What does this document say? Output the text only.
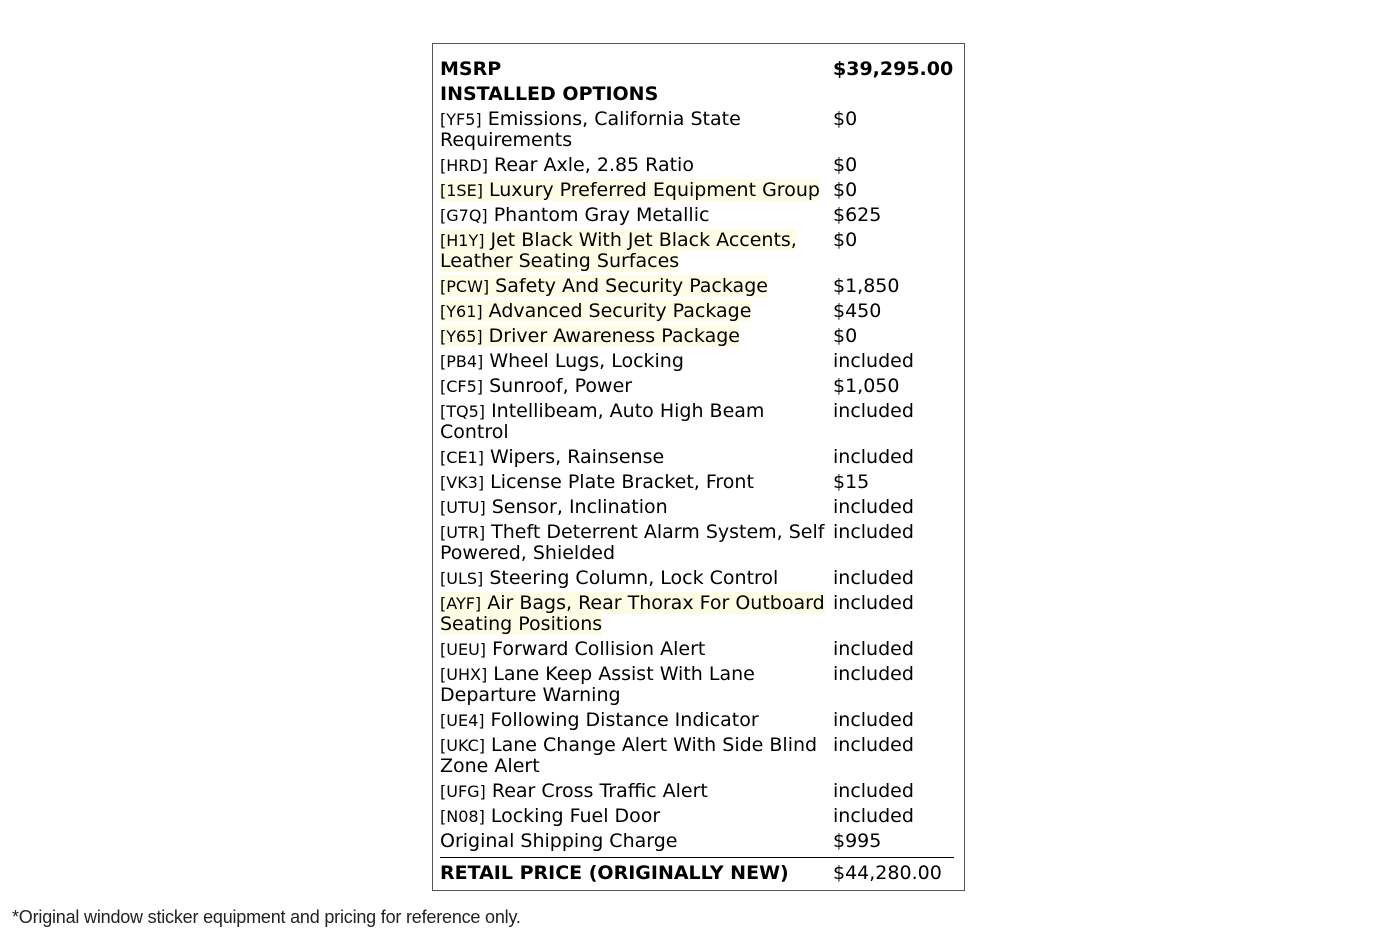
MSRP	$39,295.00
INSTALLED OPTIONS
[YF5] Emissions, California State Requirements
$0
[HRD] Rear Axle, 2.85 Ratio	$0
[1SE] Luxury Preferred Equipment Group $0
[G7Q] Phantom Gray Metallic	$625
[H1Y] Jet Black With Jet Black Accents, Leather Seating Surfaces
$0
[PCW] Safety And Security Package	$1,850
[Y61] Advanced Security Package	$450
[Y65] Driver Awareness Package	$0
[PB4] Wheel Lugs, Locking	included
[CF5] Sunroof, Power	$1,050
[TQ5] Intellibeam, Auto High Beam Control
included
[CE1] Wipers, Rainsense	included
[VK3] License Plate Bracket, Front	$15
[UTU] Sensor, Inclination	included
[UTR] Theft Deterrent Alarm System, Self Powered, Shielded
included
[ULS] Steering Column, Lock Control	included
[AYF] Air Bags, Rear Thorax For Outboard Seating Positions
included
[UEU] Forward Collision Alert	included
[UHX] Lane Keep Assist With Lane Departure Warning
included
[UE4] Following Distance Indicator	included
[UKC] Lane Change Alert With Side Blind Zone Alert
included
[UFG] Rear Cross Traffic Alert	included
[N08] Locking Fuel Door	included
Original Shipping Charge	$995
RETAIL PRICE (ORIGINALLY NEW)	$44,280.00
*Original window sticker equipment and pricing for reference only.
